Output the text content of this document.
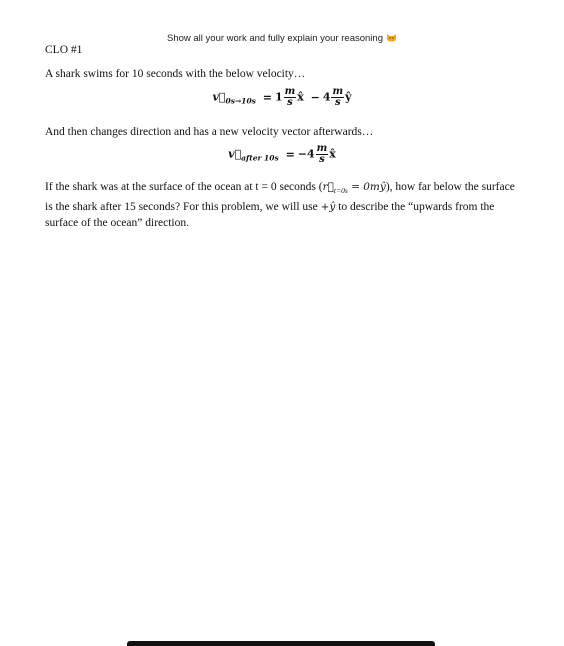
Show all your work and fully explain your reasoning
CLO #1
A shark swims for 10 seconds with the below velocity…
$v⃗_{0s\to 10s} = 1 \frac{m}{s}$ x̂ − $4 \frac{m}{s}$ ŷ
And then changes direction and has a new velocity vector afterwards…
$v⃗_{after 10s} = -4 \frac{m}{s}$ x̂
If the shark was at the surface of the ocean at t = 0 seconds ($r⃗_{t=0s}$ = 0mŷ), how far below the surface is the shark after 15 seconds? For this problem, we will use +ŷ to describe the “upwards from the surface of the ocean” direction.
